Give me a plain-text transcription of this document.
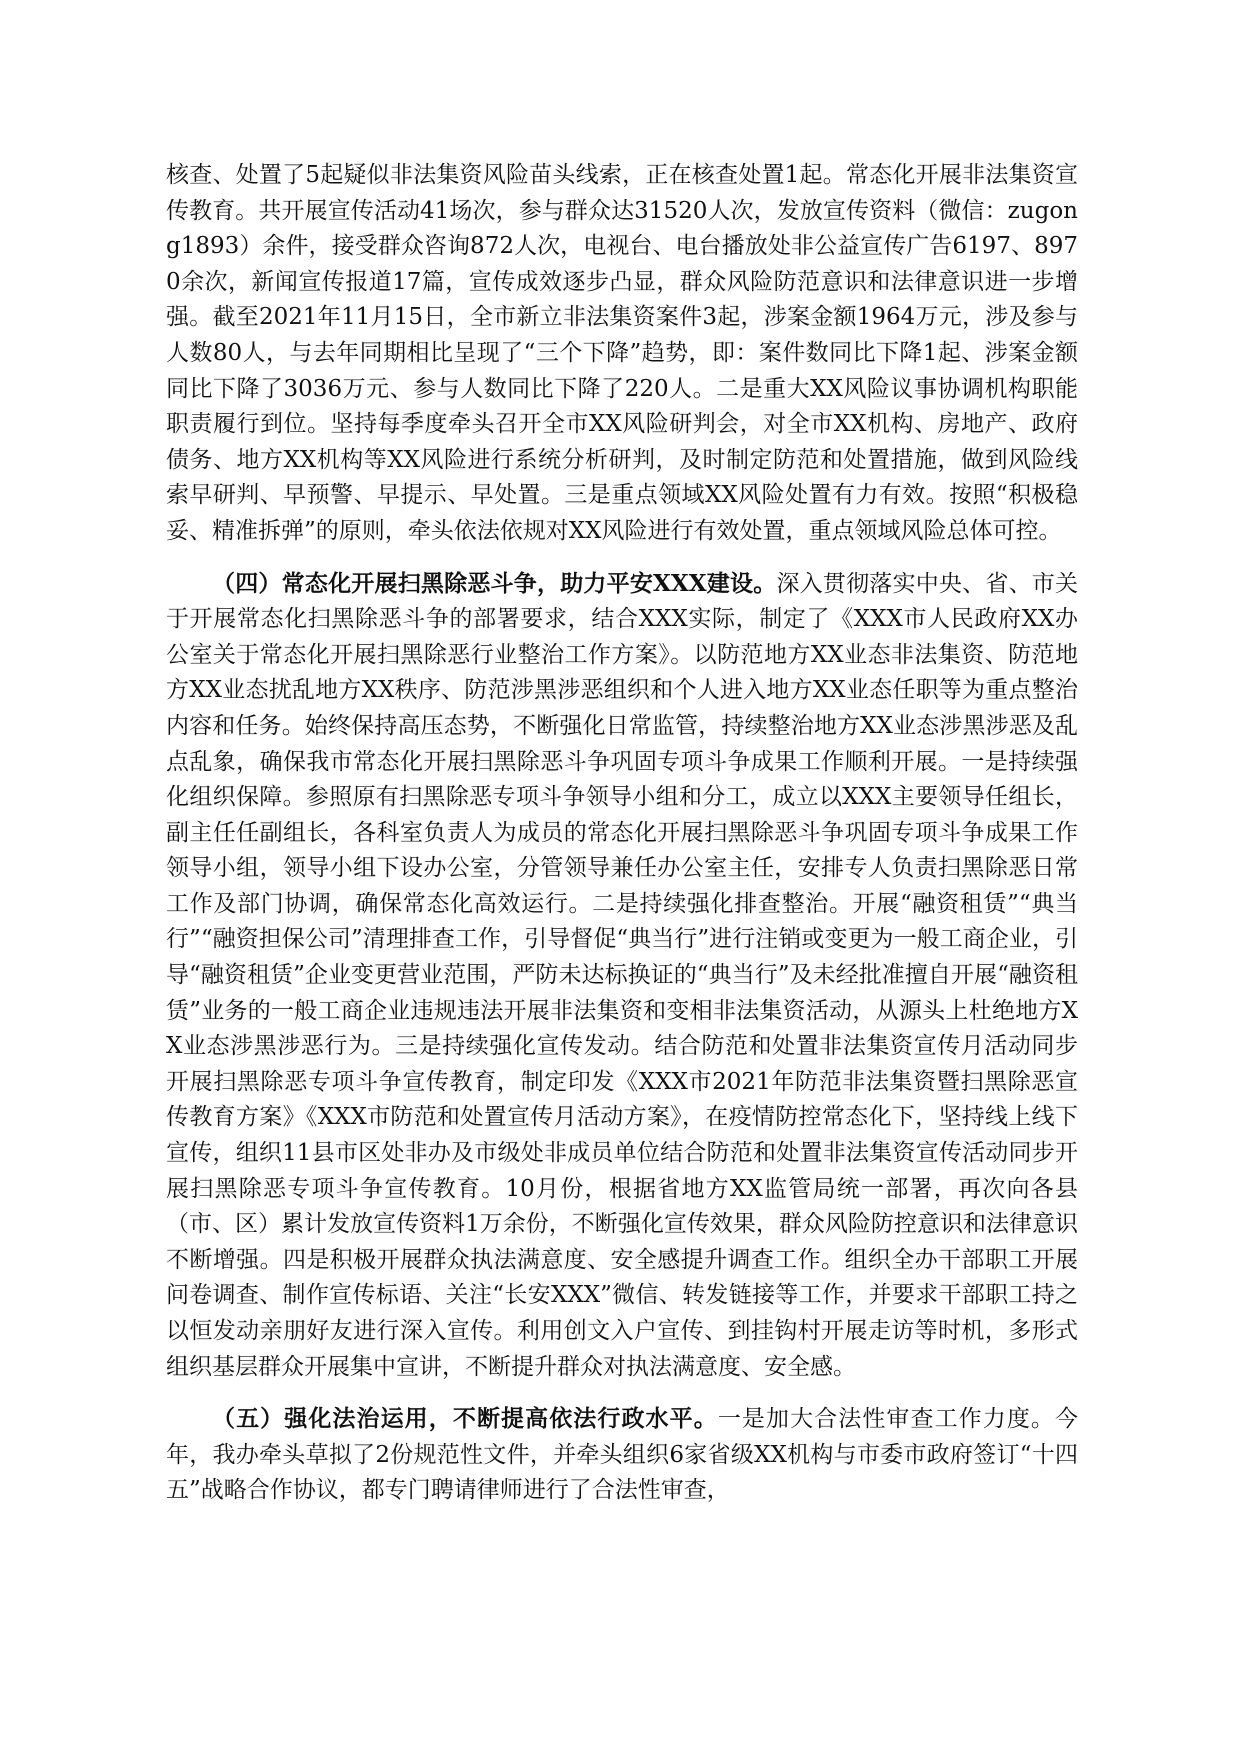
核查、处置了5起疑似非法集资风险苗头线索，正在核查处置1起。常态化开展非法集资宣传教育。共开展宣传活动41场次，参与群众达31520人次，发放宣传资料（微信：zugong1893）余件，接受群众咨询872人次，电视台、电台播放处非公益宣传广告6197、8970余次，新闻宣传报道17篇，宣传成效逐步凸显，群众风险防范意识和法律意识进一步增强。截至2021年11月15日，全市新立非法集资案件3起，涉案金额1964万元，涉及参与人数80人，与去年同期相比呈现了“三个下降”趋势，即：案件数同比下降1起、涉案金额同比下降了3036万元、参与人数同比下降了220人。二是重大XX风险议事协调机构职能职责履行到位。坚持每季度牵头召开全市XX风险研判会，对全市XX机构、房地产、政府债务、地方XX机构等XX风险进行系统分析研判，及时制定防范和处置措施，做到风险线索早研判、早预警、早提示、早处置。三是重点领域XX风险处置有力有效。按照“积极稳妥、精准拆弹”的原则，牵头依法依规对XX风险进行有效处置，重点领域风险总体可控。

（四）常态化开展扫黑除恶斗争，助力平安XXX建设。深入贯彻落实中央、省、市关于开展常态化扫黑除恶斗争的部署要求，结合XXX实际，制定了《XXX市人民政府XX办公室关于常态化开展扫黑除恶行业整治工作方案》。以防范地方XX业态非法集资、防范地方XX业态扰乱地方XX秩序、防范涉黑涉恶组织和个人进入地方XX业态任职等为重点整治内容和任务。始终保持高压态势，不断强化日常监管，持续整治地方XX业态涉黑涉恶及乱点乱象，确保我市常态化开展扫黑除恶斗争巩固专项斗争成果工作顺利开展。一是持续强化组织保障。参照原有扫黑除恶专项斗争领导小组和分工，成立以XXX主要领导任组长，副主任任副组长，各科室负责人为成员的常态化开展扫黑除恶斗争巩固专项斗争成果工作领导小组，领导小组下设办公室，分管领导兼任办公室主任，安排专人负责扫黑除恶日常工作及部门协调，确保常态化高效运行。二是持续强化排查整治。开展“融资租赁”“典当行”“融资担保公司”清理排查工作，引导督促“典当行”进行注销或变更为一般工商企业，引导“融资租赁”企业变更营业范围，严防未达标换证的“典当行”及未经批准擅自开展“融资租赁”业务的一般工商企业违规违法开展非法集资和变相非法集资活动，从源头上杜绝地方XX业态涉黑涉恶行为。三是持续强化宣传发动。结合防范和处置非法集资宣传月活动同步开展扫黑除恶专项斗争宣传教育，制定印发《XXX市2021年防范非法集资暨扫黑除恶宣传教育方案》《XXX市防范和处置宣传月活动方案》，在疫情防控常态化下，坚持线上线下宣传，组织11县市区处非办及市级处非成员单位结合防范和处置非法集资宣传活动同步开展扫黑除恶专项斗争宣传教育。10月份，根据省地方XX监管局统一部署，再次向各县（市、区）累计发放宣传资料1万余份，不断强化宣传效果，群众风险防控意识和法律意识不断增强。四是积极开展群众执法满意度、安全感提升调查工作。组织全办干部职工开展问卷调查、制作宣传标语、关注“长安XXX”微信、转发链接等工作，并要求干部职工持之以恒发动亲朋好友进行深入宣传。利用创文入户宣传、到挂钩村开展走访等时机，多形式组织基层群众开展集中宣讲，不断提升群众对执法满意度、安全感。

（五）强化法治运用，不断提高依法行政水平。一是加大合法性审查工作力度。今年，我办牵头草拟了2份规范性文件，并牵头组织6家省级XX机构与市委市政府签订“十四五”战略合作协议，都专门聘请律师进行了合法性审查，
